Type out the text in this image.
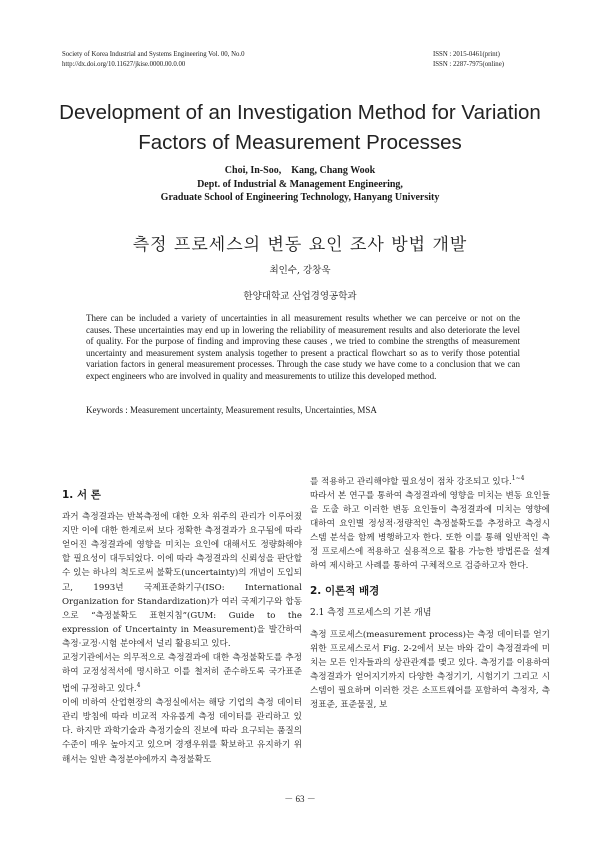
Society of Korea Industrial and Systems Engineering Vol. 00, No.0
http://dx.doi.org/10.11627/jkise.0000.00.0.00
ISSN : 2015-0461(print)
ISSN : 2287-7975(online)
Development of an Investigation Method for Variation
Factors of Measurement Processes
Choi, In-Soo,    Kang, Chang Wook
Dept. of Industrial & Management Engineering,
Graduate School of Engineering Technology, Hanyang University
측정 프로세스의 변동 요인 조사 방법 개발
최인수, 강창욱
한양대학교 산업경영공학과
There can be included a variety of uncertainties in all measurement results whether we can perceive or not on the causes. These uncertainties may end up in lowering the reliability of measurement results and also deteriorate the level of quality. For the purpose of finding and improving these causes , we tried to combine the strengths of measurement uncertainty and measurement system analysis together to present a practical flowchart so as to verify those potential variation factors in general measurement processes. Through the case study we have come to a conclusion that we can expect engineers who are involved in quality and measurements to utilize this developed method.
Keywords : Measurement uncertainty, Measurement results, Uncertainties, MSA
1. 서 론

과거 측정결과는 반복측정에 대한 오차 위주의 관리가 이루어졌지만 이에 대한 한계로써 보다 정확한 측정결과가 요구됨에 따라 얻어진 측정결과에 영향을 미치는 요인에 대해서도 정량화해야 할 필요성이 대두되었다. 이에 따라 측정결과의 신뢰성을 판단할 수 있는 하나의 척도로써 불확도(uncertainty)의 개념이 도입되고, 1993년 국제표준화기구(ISO: International Organization for Standardization)가 여러 국제기구와 합동으로 “측정불확도 표현지침”(GUM: Guide to the expression of Uncertainty in Measurement)을 발간하여 측정·교정·시험 분야에서 널리 활용되고 있다.

교정기관에서는 의무적으로 측정결과에 대한 측정불확도를 추정하여 교정성적서에 명시하고 이를 철저히 준수하도록 국가표준법에 규정하고 있다.$^4$

이에 비하여 산업현장의 측정실에서는 해당 기업의 측정 데이터 관리 방침에 따라 비교적 자유롭게 측정 데이터를 관리하고 있다. 하지만 과학기술과 측정기술의 진보에 따라 요구되는 품질의 수준이 매우 높아지고 있으며 경쟁우위를 확보하고 유지하기 위해서는 일반 측정분야에까지 측정불확도

를 적용하고 관리해야할 필요성이 점차 강조되고 있다.$^{1\sim 4}$

따라서 본 연구를 통하여 측정결과에 영향을 미치는 변동 요인들을 도출 하고 이러한 변동 요인들이 측정결과에 미치는 영향에 대하여 요인별 정성적·정량적인 측정불확도를 추정하고 측정시스템 분석을 함께 병행하고자 한다. 또한 이를 통해 일반적인 측정 프로세스에 적용하고 실용적으로 활용 가능한 방법론을 설계하여 제시하고 사례를 통하여 구체적으로 검증하고자 한다.

2. 이론적 배경
2.1 측정 프로세스의 기본 개념

측정 프로세스(measurement process)는 측정 데이터를 얻기 위한 프로세스로서 Fig. 2-2에서 보는 바와 같이 측정결과에 미치는 모든 인자들과의 상관관계를 맺고 있다. 측정기를 이용하여 측정결과가 얻어지기까지 다양한 측정기기, 시험기기 그리고 시스템이 필요하며 이러한 것은 소프트웨어를 포함하여 측정자, 측정표준, 표준물질, 보

－ 63 －
